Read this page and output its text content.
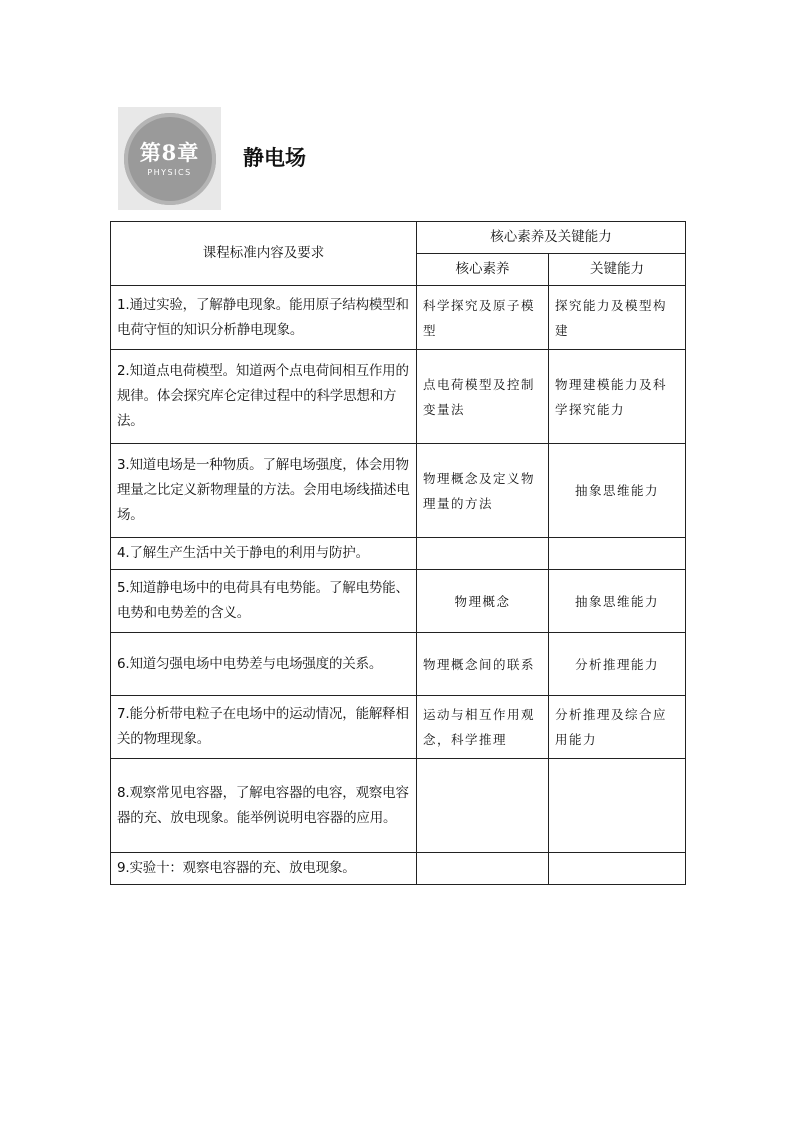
第8章
PHYSICS
静电场
课程标准内容及要求	核心素养及关键能力	
	核心素养	关键能力
1.通过实验，了解静电现象。能用原子结构模型和电荷守恒的知识分析静电现象。	科学探究及原子模型	探究能力及模型构建
2.知道点电荷模型。知道两个点电荷间相互作用的规律。体会探究库仑定律过程中的科学思想和方法。	点电荷模型及控制变量法	物理建模能力及科学探究能力
3.知道电场是一种物质。了解电场强度，体会用物理量之比定义新物理量的方法。会用电场线描述电场。	物理概念及定义物理量的方法	抽象思维能力
4.了解生产生活中关于静电的利用与防护。		
5.知道静电场中的电荷具有电势能。了解电势能、电势和电势差的含义。	物理概念	抽象思维能力
6.知道匀强电场中电势差与电场强度的关系。	物理概念间的联系	分析推理能力
7.能分析带电粒子在电场中的运动情况，能解释相关的物理现象。	运动与相互作用观念，科学推理	分析推理及综合应用能力
8.观察常见电容器，了解电容器的电容，观察电容器的充、放电现象。能举例说明电容器的应用。		
9.实验十：观察电容器的充、放电现象。		
